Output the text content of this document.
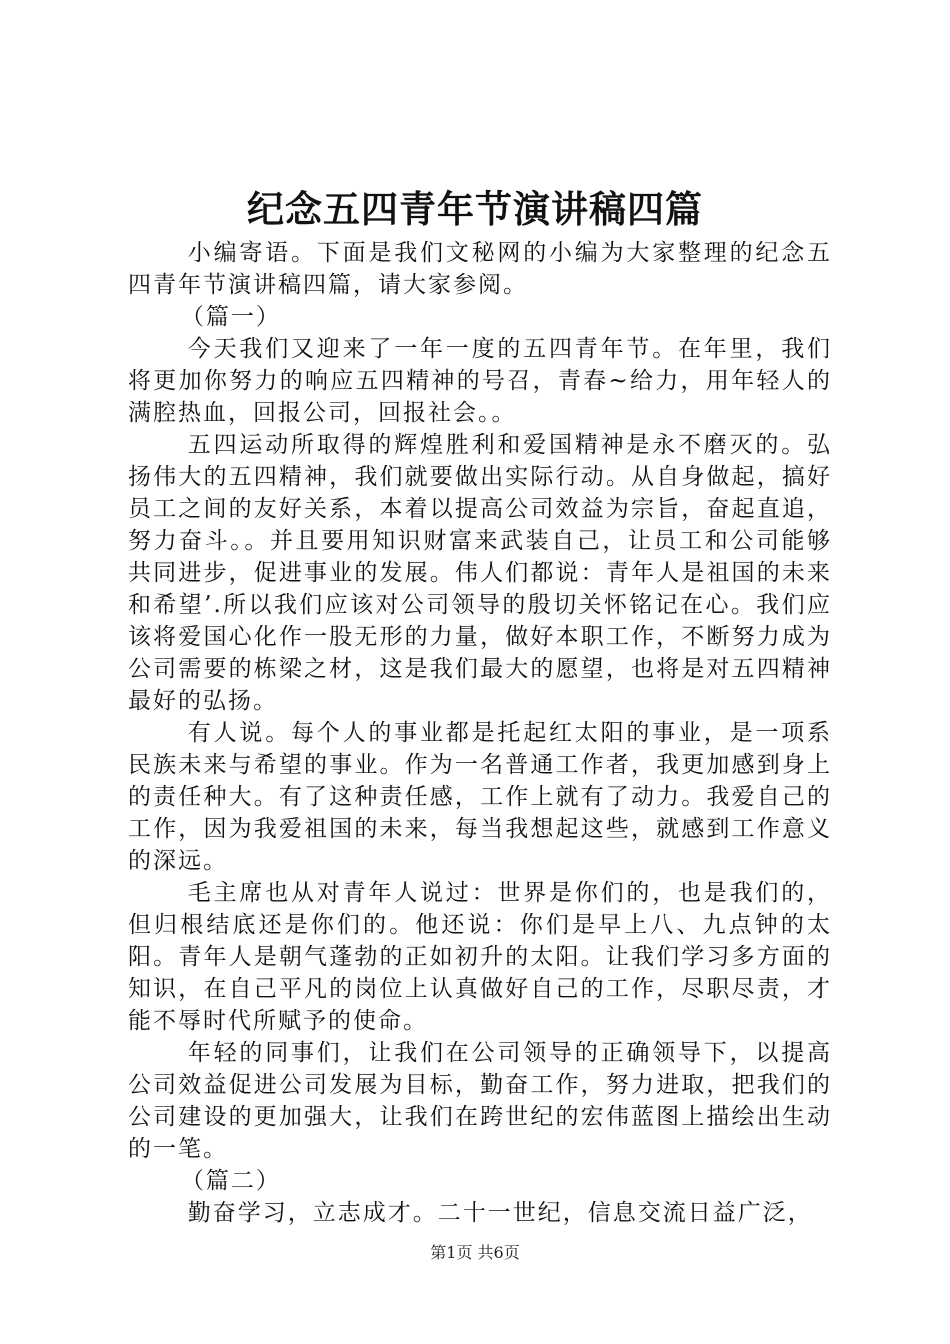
纪念五四青年节演讲稿四篇

小编寄语。下面是我们文秘网的小编为大家整理的纪念五四青年节演讲稿四篇，请大家参阅。

（篇一）

今天我们又迎来了一年一度的五四青年节。在年里，我们将更加你努力的响应五四精神的号召，青春~给力，用年轻人的满腔热血，回报公司，回报社会。。

五四运动所取得的辉煌胜利和爱国精神是永不磨灭的。弘扬伟大的五四精神，我们就要做出实际行动。从自身做起，搞好员工之间的友好关系，本着以提高公司效益为宗旨，奋起直追，努力奋斗。。并且要用知识财富来武装自己，让员工和公司能够共同进步，促进事业的发展。伟人们都说：青年人是祖国的未来和希望’.所以我们应该对公司领导的殷切关怀铭记在心。我们应该将爱国心化作一股无形的力量，做好本职工作，不断努力成为公司需要的栋梁之材，这是我们最大的愿望，也将是对五四精神最好的弘扬。

有人说。每个人的事业都是托起红太阳的事业，是一项系民族未来与希望的事业。作为一名普通工作者，我更加感到身上的责任种大。有了这种责任感，工作上就有了动力。我爱自己的工作，因为我爱祖国的未来，每当我想起这些，就感到工作意义的深远。

毛主席也从对青年人说过：世界是你们的，也是我们的，但归根结底还是你们的。他还说：你们是早上八、九点钟的太阳。青年人是朝气蓬勃的正如初升的太阳。让我们学习多方面的知识，在自己平凡的岗位上认真做好自己的工作，尽职尽责，才能不辱时代所赋予的使命。

年轻的同事们，让我们在公司领导的正确领导下，以提高公司效益促进公司发展为目标，勤奋工作，努力进取，把我们的公司建设的更加强大，让我们在跨世纪的宏伟蓝图上描绘出生动的一笔。

（篇二）

勤奋学习，立志成才。二十一世纪，信息交流日益广泛，

第1页 共6页
